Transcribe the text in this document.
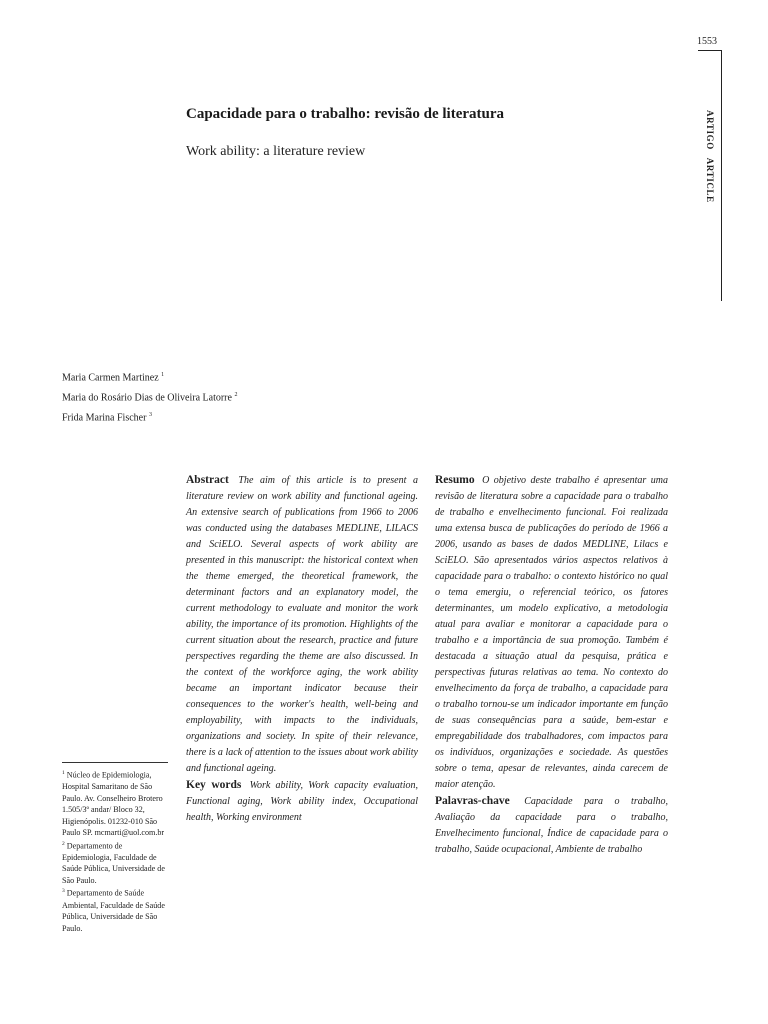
1553
ARTIGOARTICLE
Capacidade para o trabalho: revisão de literatura
Work ability: a literature review
Maria Carmen Martinez $^1$
Maria do Rosário Dias de Oliveira Latorre $^2$
Frida Marina Fischer $^3$

$^1$ Núcleo de Epidemiologia, Hospital Samaritano de São Paulo. Av. Conselheiro Brotero 1.505/3º andar/ Bloco 32, Higienópolis. 01232-010 São Paulo SP. mcmarti@uol.com.br

$^2$ Departamento de Epidemiologia, Faculdade de Saúde Pública, Universidade de São Paulo.

$^3$ Departamento de Saúde Ambiental, Faculdade de Saúde Pública, Universidade de São Paulo.

Abstract The aim of this article is to present a literature review on work ability and functional ageing. An extensive search of publications from 1966 to 2006 was conducted using the databases MEDLINE, LILACS and SciELO. Several aspects of work ability are presented in this manuscript: the historical context when the theme emerged, the theoretical framework, the determinant factors and an explanatory model, the current methodology to evaluate and monitor the work ability, the importance of its promotion. Highlights of the current situation about the research, practice and future perspectives regarding the theme are also discussed. In the context of the workforce aging, the work ability became an important indicator because their consequences to the worker's health, well-being and employability, with impacts to the individuals, organizations and society. In spite of their relevance, there is a lack of attention to the issues about work ability and functional ageing.

Key words Work ability, Work capacity evaluation, Functional aging, Work ability index, Occupational health, Working environment

Resumo O objetivo deste trabalho é apresentar uma revisão de literatura sobre a capacidade para o trabalho de trabalho e envelhecimento funcional. Foi realizada uma extensa busca de publicações do período de 1966 a 2006, usando as bases de dados MEDLINE, Lilacs e SciELO. São apresentados vários aspectos relativos à capacidade para o trabalho: o contexto histórico no qual o tema emergiu, o referencial teórico, os fatores determinantes, um modelo explicativo, a metodologia atual para avaliar e monitorar a capacidade para o trabalho e a importância de sua promoção. Também é destacada a situação atual da pesquisa, prática e perspectivas futuras relativas ao tema. No contexto do envelhecimento da força de trabalho, a capacidade para o trabalho tornou-se um indicador importante em função de suas consequências para a saúde, bem-estar e empregabilidade dos trabalhadores, com impactos para os indivíduos, organizações e sociedade. As questões sobre o tema, apesar de relevantes, ainda carecem de maior atenção.

Palavras-chave Capacidade para o trabalho, Avaliação da capacidade para o trabalho, Envelhecimento funcional, Índice de capacidade para o trabalho, Saúde ocupacional, Ambiente de trabalho
